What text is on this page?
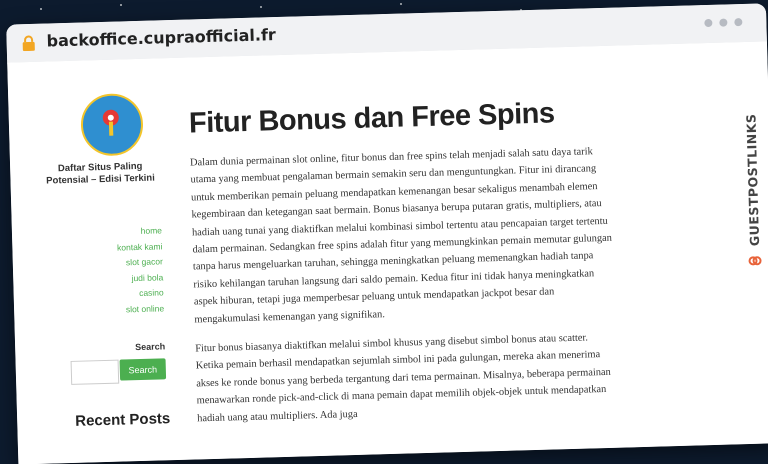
backoffice.cupraofficial.fr
Daftar Situs Paling Potensial – Edisi Terkini
home
kontak kami
slot gacor
judi bola
casino
slot online
Search
Search
Recent Posts
Fitur Bonus dan Free Spins

Dalam dunia permainan slot online, fitur bonus dan free spins telah menjadi salah satu daya tarik utama yang membuat pengalaman bermain semakin seru dan menguntungkan. Fitur ini dirancang untuk memberikan pemain peluang mendapatkan kemenangan besar sekaligus menambah elemen kegembiraan dan ketegangan saat bermain. Bonus biasanya berupa putaran gratis, multipliers, atau hadiah uang tunai yang diaktifkan melalui kombinasi simbol tertentu atau pencapaian target tertentu dalam permainan. Sedangkan free spins adalah fitur yang memungkinkan pemain memutar gulungan tanpa harus mengeluarkan taruhan, sehingga meningkatkan peluang memenangkan hadiah tanpa risiko kehilangan taruhan langsung dari saldo pemain. Kedua fitur ini tidak hanya meningkatkan aspek hiburan, tetapi juga memperbesar peluang untuk mendapatkan jackpot besar dan mengakumulasi kemenangan yang signifikan.

Fitur bonus biasanya diaktifkan melalui simbol khusus yang disebut simbol bonus atau scatter. Ketika pemain berhasil mendapatkan sejumlah simbol ini pada gulungan, mereka akan menerima akses ke ronde bonus yang berbeda tergantung dari tema permainan. Misalnya, beberapa permainan menawarkan ronde pick-and-click di mana pemain dapat memilih objek-objek untuk mendapatkan hadiah uang atau multipliers. Ada juga

GUESTPOSTLINKS
